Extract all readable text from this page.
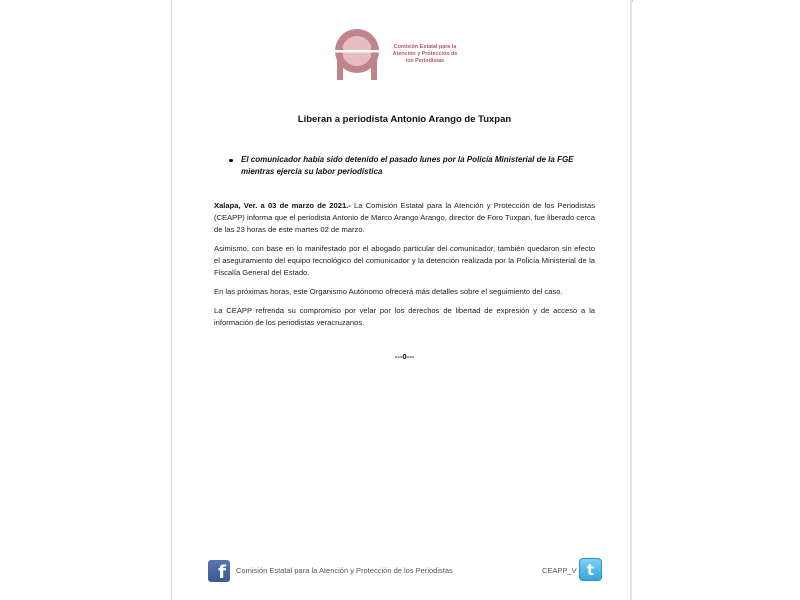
Comisión Estatal para la
Atención y Protección de
los Periodistas
Liberan a periodista Antonio Arango de Tuxpan
El comunicador había sido detenido el pasado lunes por la Policía Ministerial de la FGE mientras ejercía su labor periodística
Xalapa, Ver. a 03 de marzo de 2021.- La Comisión Estatal para la Atención y Protección de los Periodistas (CEAPP) informa que el periodista Antonio de Marco Arango Arango, director de Foro Tuxpan, fue liberado cerca de las 23 horas de este martes 02 de marzo.
Asimismo, con base en lo manifestado por el abogado particular del comunicador, también quedaron sin efecto el aseguramiento del equipo tecnológico del comunicador y la detención realizada por la Policía Ministerial de la Fiscalía General del Estado.
En las próximas horas, este Organismo Autónomo ofrecerá más detalles sobre el seguimiento del caso.
La CEAPP refrenda su compromiso por velar por los derechos de libertad de expresión y de acceso a la información de los periodistas veracruzanos.
---0---
f	Comisión Estatal para la Atención y Protección de los Periodistas	CEAPP_V t
